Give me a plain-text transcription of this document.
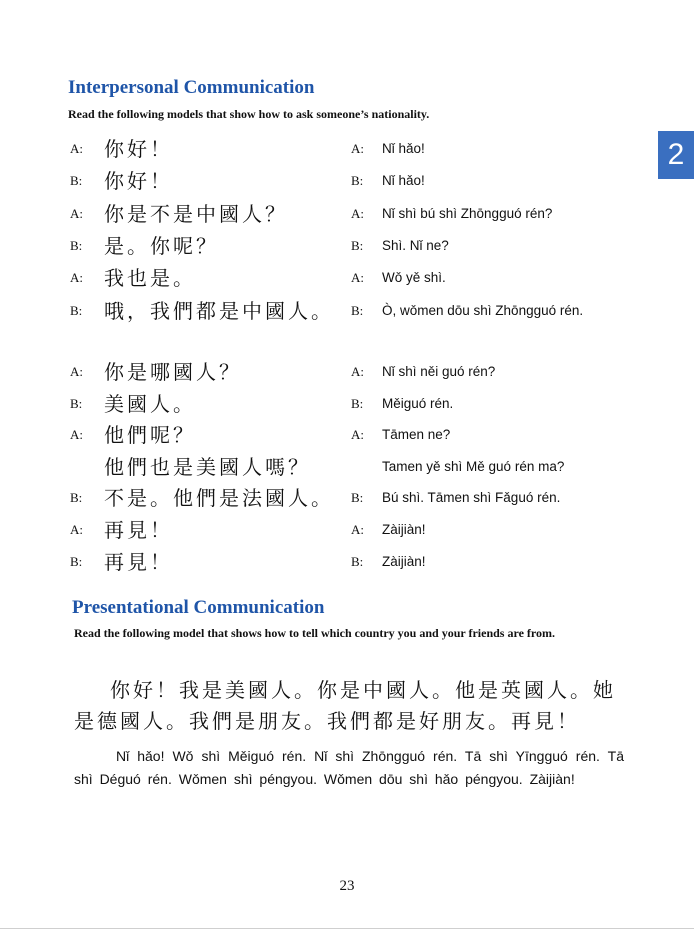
2
Interpersonal Communication
Read the following models that show how to ask someone’s nationality.
A: 你好！	A: Nǐ hǎo!
B: 你好！	B: Nǐ hǎo!
A: 你是不是中國人？	A: Nǐ shì bú shì Zhōngguó rén?
B: 是。你呢？	B: Shì. Nǐ ne?
A: 我也是。	A: Wǒ yě shì.
B: 哦，我們都是中國人。 B: Ò, wǒmen dōu shì Zhōngguó rén.
A: 你是哪國人？	A: Nǐ shì něi guó rén?
B: 美國人。	B: Měiguó rén.
A: 他們呢？	A: Tāmen ne?
他們也是美國人嗎？	Tamen yě shì Mě guó rén ma?
B: 不是。他們是法國人。 B: Bú shì. Tāmen shì Fǎguó rén.
A: 再見！	A: Zàijiàn!
B: 再見！	B: Zàijiàn!
Presentational Communication
Read the following model that shows how to tell which country you and your friends are from.
你好！我是美國人。你是中國人。他是英國人。她是德國人。我們是朋友。我們都是好朋友。再見！
Nǐ hǎo! Wǒ shì Měiguó rén. Nǐ shì Zhōngguó rén. Tā shì Yīngguó rén. Tā shì Déguó rén. Wǒmen shì péngyou. Wǒmen dōu shì hǎo péngyou. Zàijiàn!
23
